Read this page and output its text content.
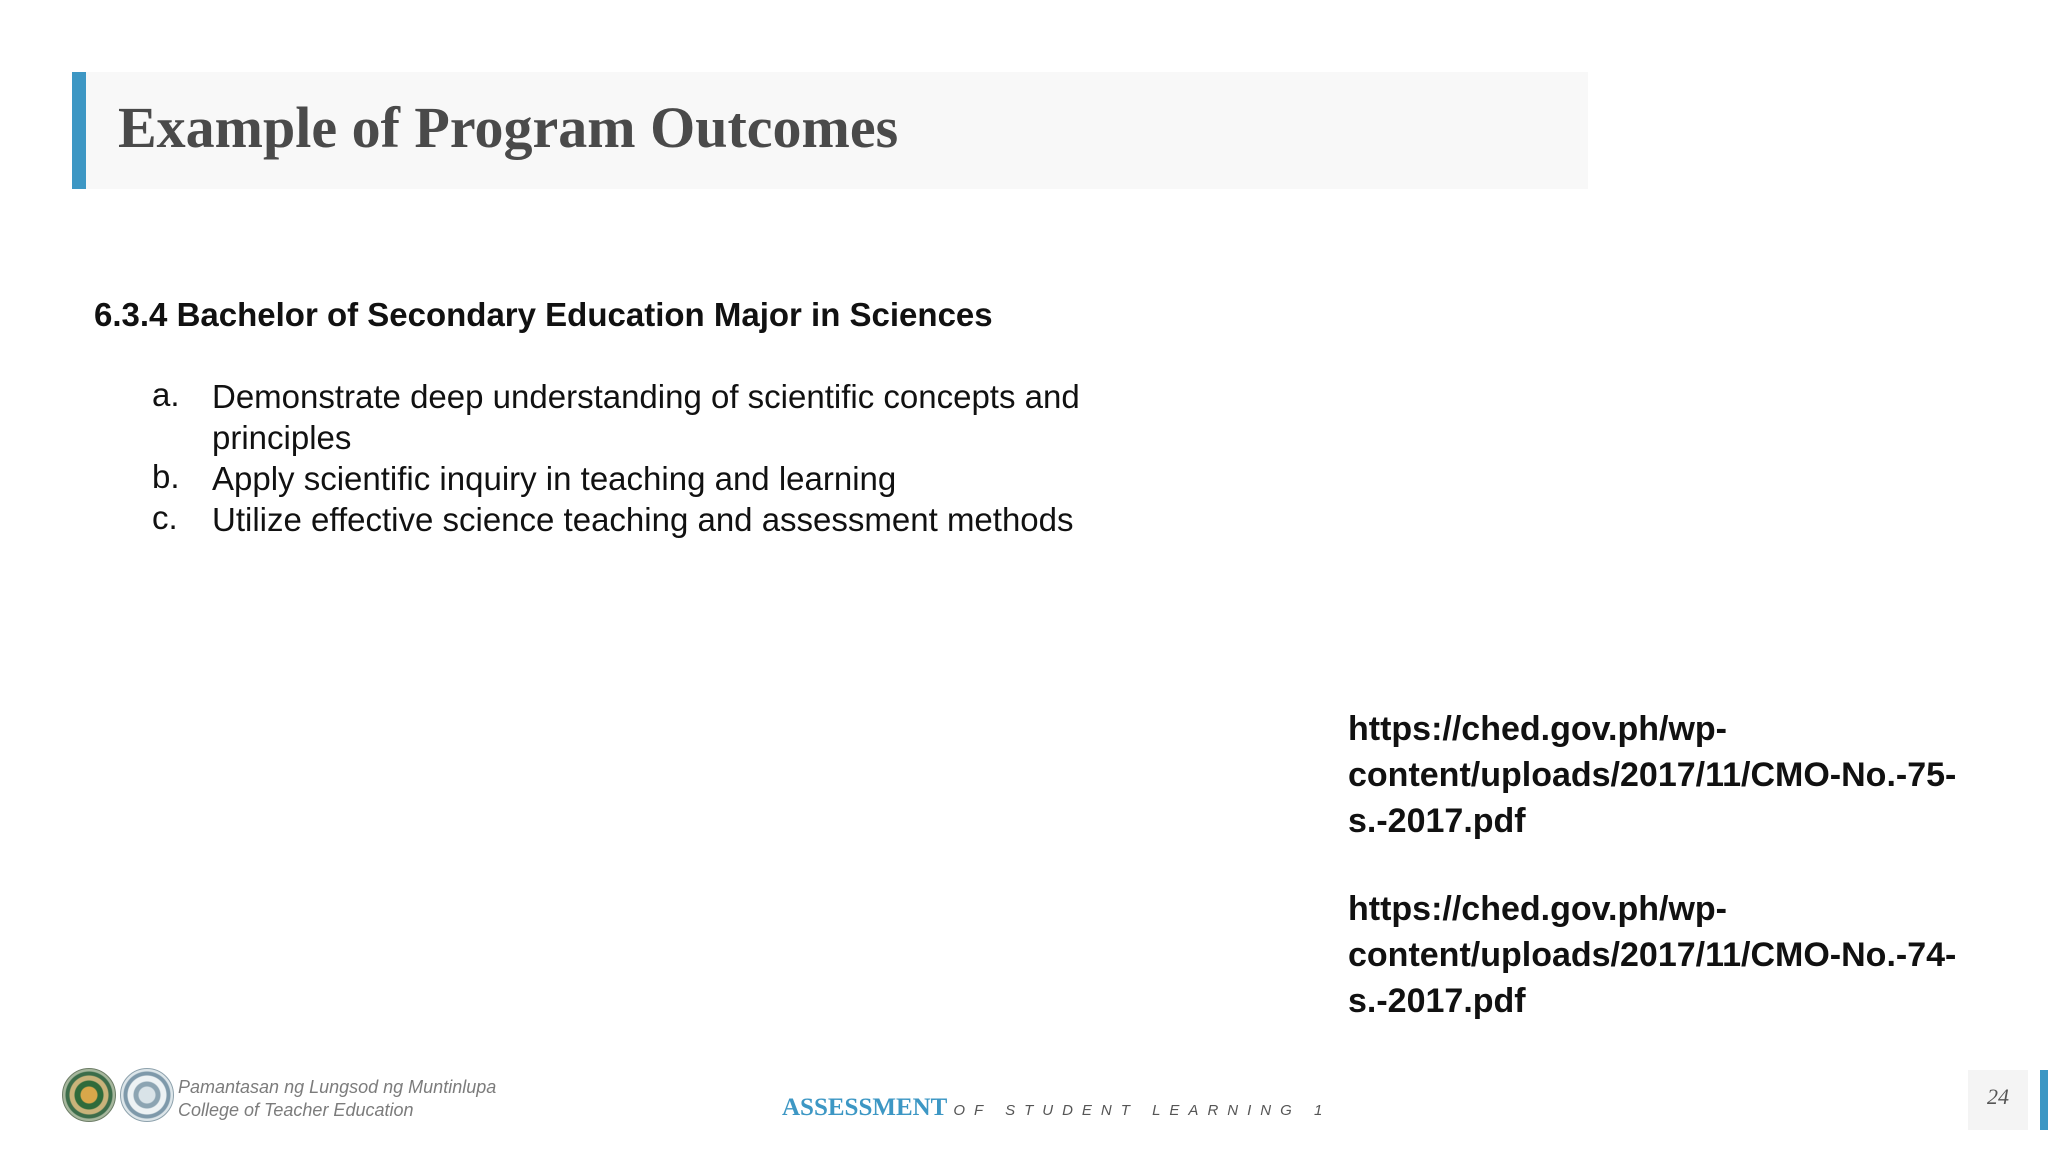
Example of Program Outcomes
6.3.4 Bachelor of Secondary Education Major in Sciences
a. Demonstrate deep understanding of scientific concepts and
principles
b. Apply scientific inquiry in teaching and learning
c. Utilize effective science teaching and assessment methods
https://ched.gov.ph/wp-content/uploads/2017/11/CMO-No.-75-s.-2017.pdf
https://ched.gov.ph/wp-content/uploads/2017/11/CMO-No.-74-s.-2017.pdf
Pamantasan ng Lungsod ng Muntinlupa
College of Teacher Education	ASSESSMENT OF STUDENT LEARNING 1
24
